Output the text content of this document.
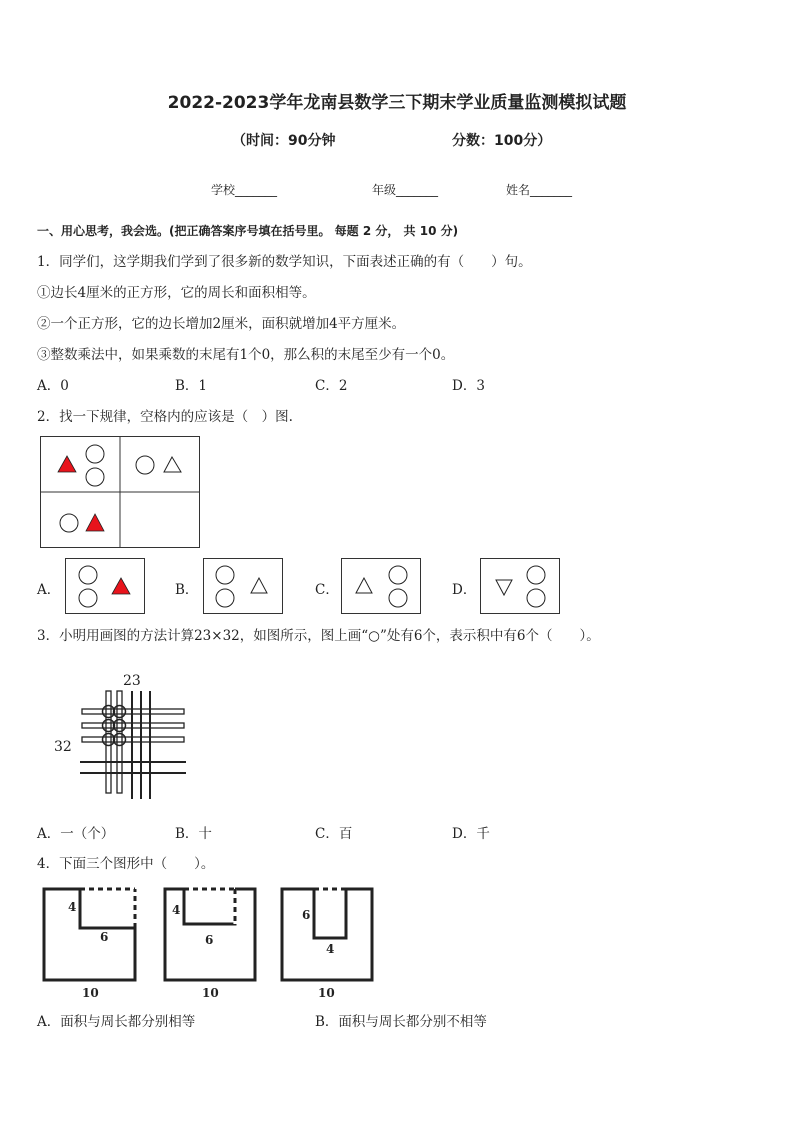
2022-2023学年龙南县数学三下期末学业质量监测模拟试题
（时间：90分钟	分数：100分）
学校_______	年级_______	姓名_______
一、用心思考，我会选。(把正确答案序号填在括号里。 每题 2 分， 共 10 分)
1．同学们，这学期我们学到了很多新的数学知识，下面表述正确的有（　　）句。
①边长4厘米的正方形，它的周长和面积相等。
②一个正方形，它的边长增加2厘米，面积就增加4平方厘米。
③整数乘法中，如果乘数的末尾有1个0，那么积的末尾至少有一个0。
A．0	B．1	C．2	D．3
2．找一下规律，空格内的应该是（　）图.
A．	B．	C．	D．
3．小明用画图的方法计算23×32，如图所示，图上画“○”处有6个，表示积中有6个（　　）。
23
32
A．一（个）	B．十	C．百	D．千
4．下面三个图形中（　　）。
4
6
10
4
6
10
6
4
10
A．面积与周长都分别相等	B．面积与周长都分别不相等
